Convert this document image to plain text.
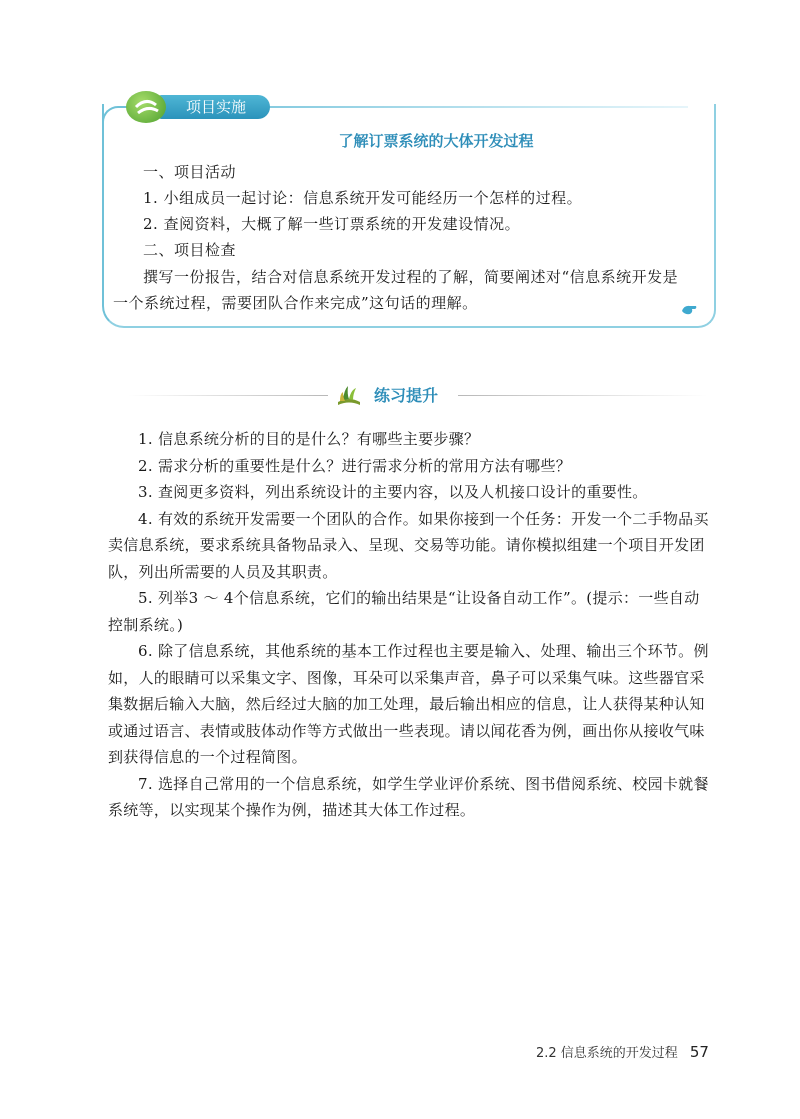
项目实施
了解订票系统的大体开发过程
一、项目活动
1. 小组成员一起讨论：信息系统开发可能经历一个怎样的过程。
2. 查阅资料，大概了解一些订票系统的开发建设情况。
二、项目检查
撰写一份报告，结合对信息系统开发过程的了解，简要阐述对“信息系统开发是
一个系统过程，需要团队合作来完成”这句话的理解。
练习提升

1. 信息系统分析的目的是什么？有哪些主要步骤？

2. 需求分析的重要性是什么？进行需求分析的常用方法有哪些？

3. 查阅更多资料，列出系统设计的主要内容，以及人机接口设计的重要性。

4. 有效的系统开发需要一个团队的合作。如果你接到一个任务：开发一个二手物品买卖信息系统，要求系统具备物品录入、呈现、交易等功能。请你模拟组建一个项目开发团队，列出所需要的人员及其职责。

5. 列举3 ～ 4个信息系统，它们的输出结果是“让设备自动工作”。(提示：一些自动控制系统。)

6. 除了信息系统，其他系统的基本工作过程也主要是输入、处理、输出三个环节。例如，人的眼睛可以采集文字、图像，耳朵可以采集声音，鼻子可以采集气味。这些器官采集数据后输入大脑，然后经过大脑的加工处理，最后输出相应的信息，让人获得某种认知或通过语言、表情或肢体动作等方式做出一些表现。请以闻花香为例，画出你从接收气味到获得信息的一个过程简图。

7. 选择自己常用的一个信息系统，如学生学业评价系统、图书借阅系统、校园卡就餐系统等，以实现某个操作为例，描述其大体工作过程。

2.2 信息系统的开发过程 57
